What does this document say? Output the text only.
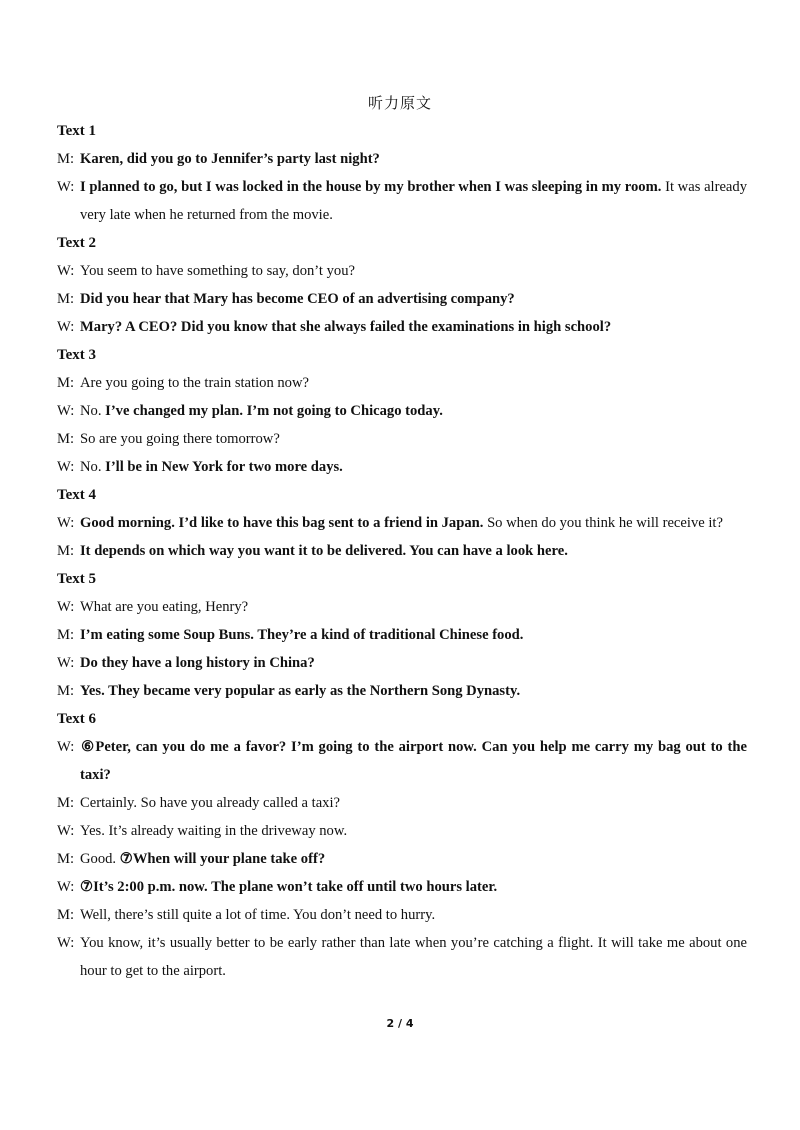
听力原文

Text 1

M: Karen, did you go to Jennifer’s party last night?

W: I planned to go, but I was locked in the house by my brother when I was sleeping in my room. It was already very late when he returned from the movie.

Text 2

W: You seem to have something to say, don’t you?

M: Did you hear that Mary has become CEO of an advertising company?

W: Mary? A CEO? Did you know that she always failed the examinations in high school?

Text 3

M: Are you going to the train station now?

W: No. I’ve changed my plan. I’m not going to Chicago today.

M: So are you going there tomorrow?

W: No. I’ll be in New York for two more days.

Text 4

W: Good morning. I’d like to have this bag sent to a friend in Japan. So when do you think he will receive it?

M: It depends on which way you want it to be delivered. You can have a look here.

Text 5

W: What are you eating, Henry?

M: I’m eating some Soup Buns. They’re a kind of traditional Chinese food.

W: Do they have a long history in China?

M: Yes. They became very popular as early as the Northern Song Dynasty.

Text 6

W: ⑥Peter, can you do me a favor? I’m going to the airport now. Can you help me carry my bag out to the taxi?

M: Certainly. So have you already called a taxi?

W: Yes. It’s already waiting in the driveway now.

M: Good. ⑦When will your plane take off?

W: ⑦It’s 2:00 p.m. now. The plane won’t take off until two hours later.

M: Well, there’s still quite a lot of time. You don’t need to hurry.

W: You know, it’s usually better to be early rather than late when you’re catching a flight. It will take me about one hour to get to the airport.

2 / 4
